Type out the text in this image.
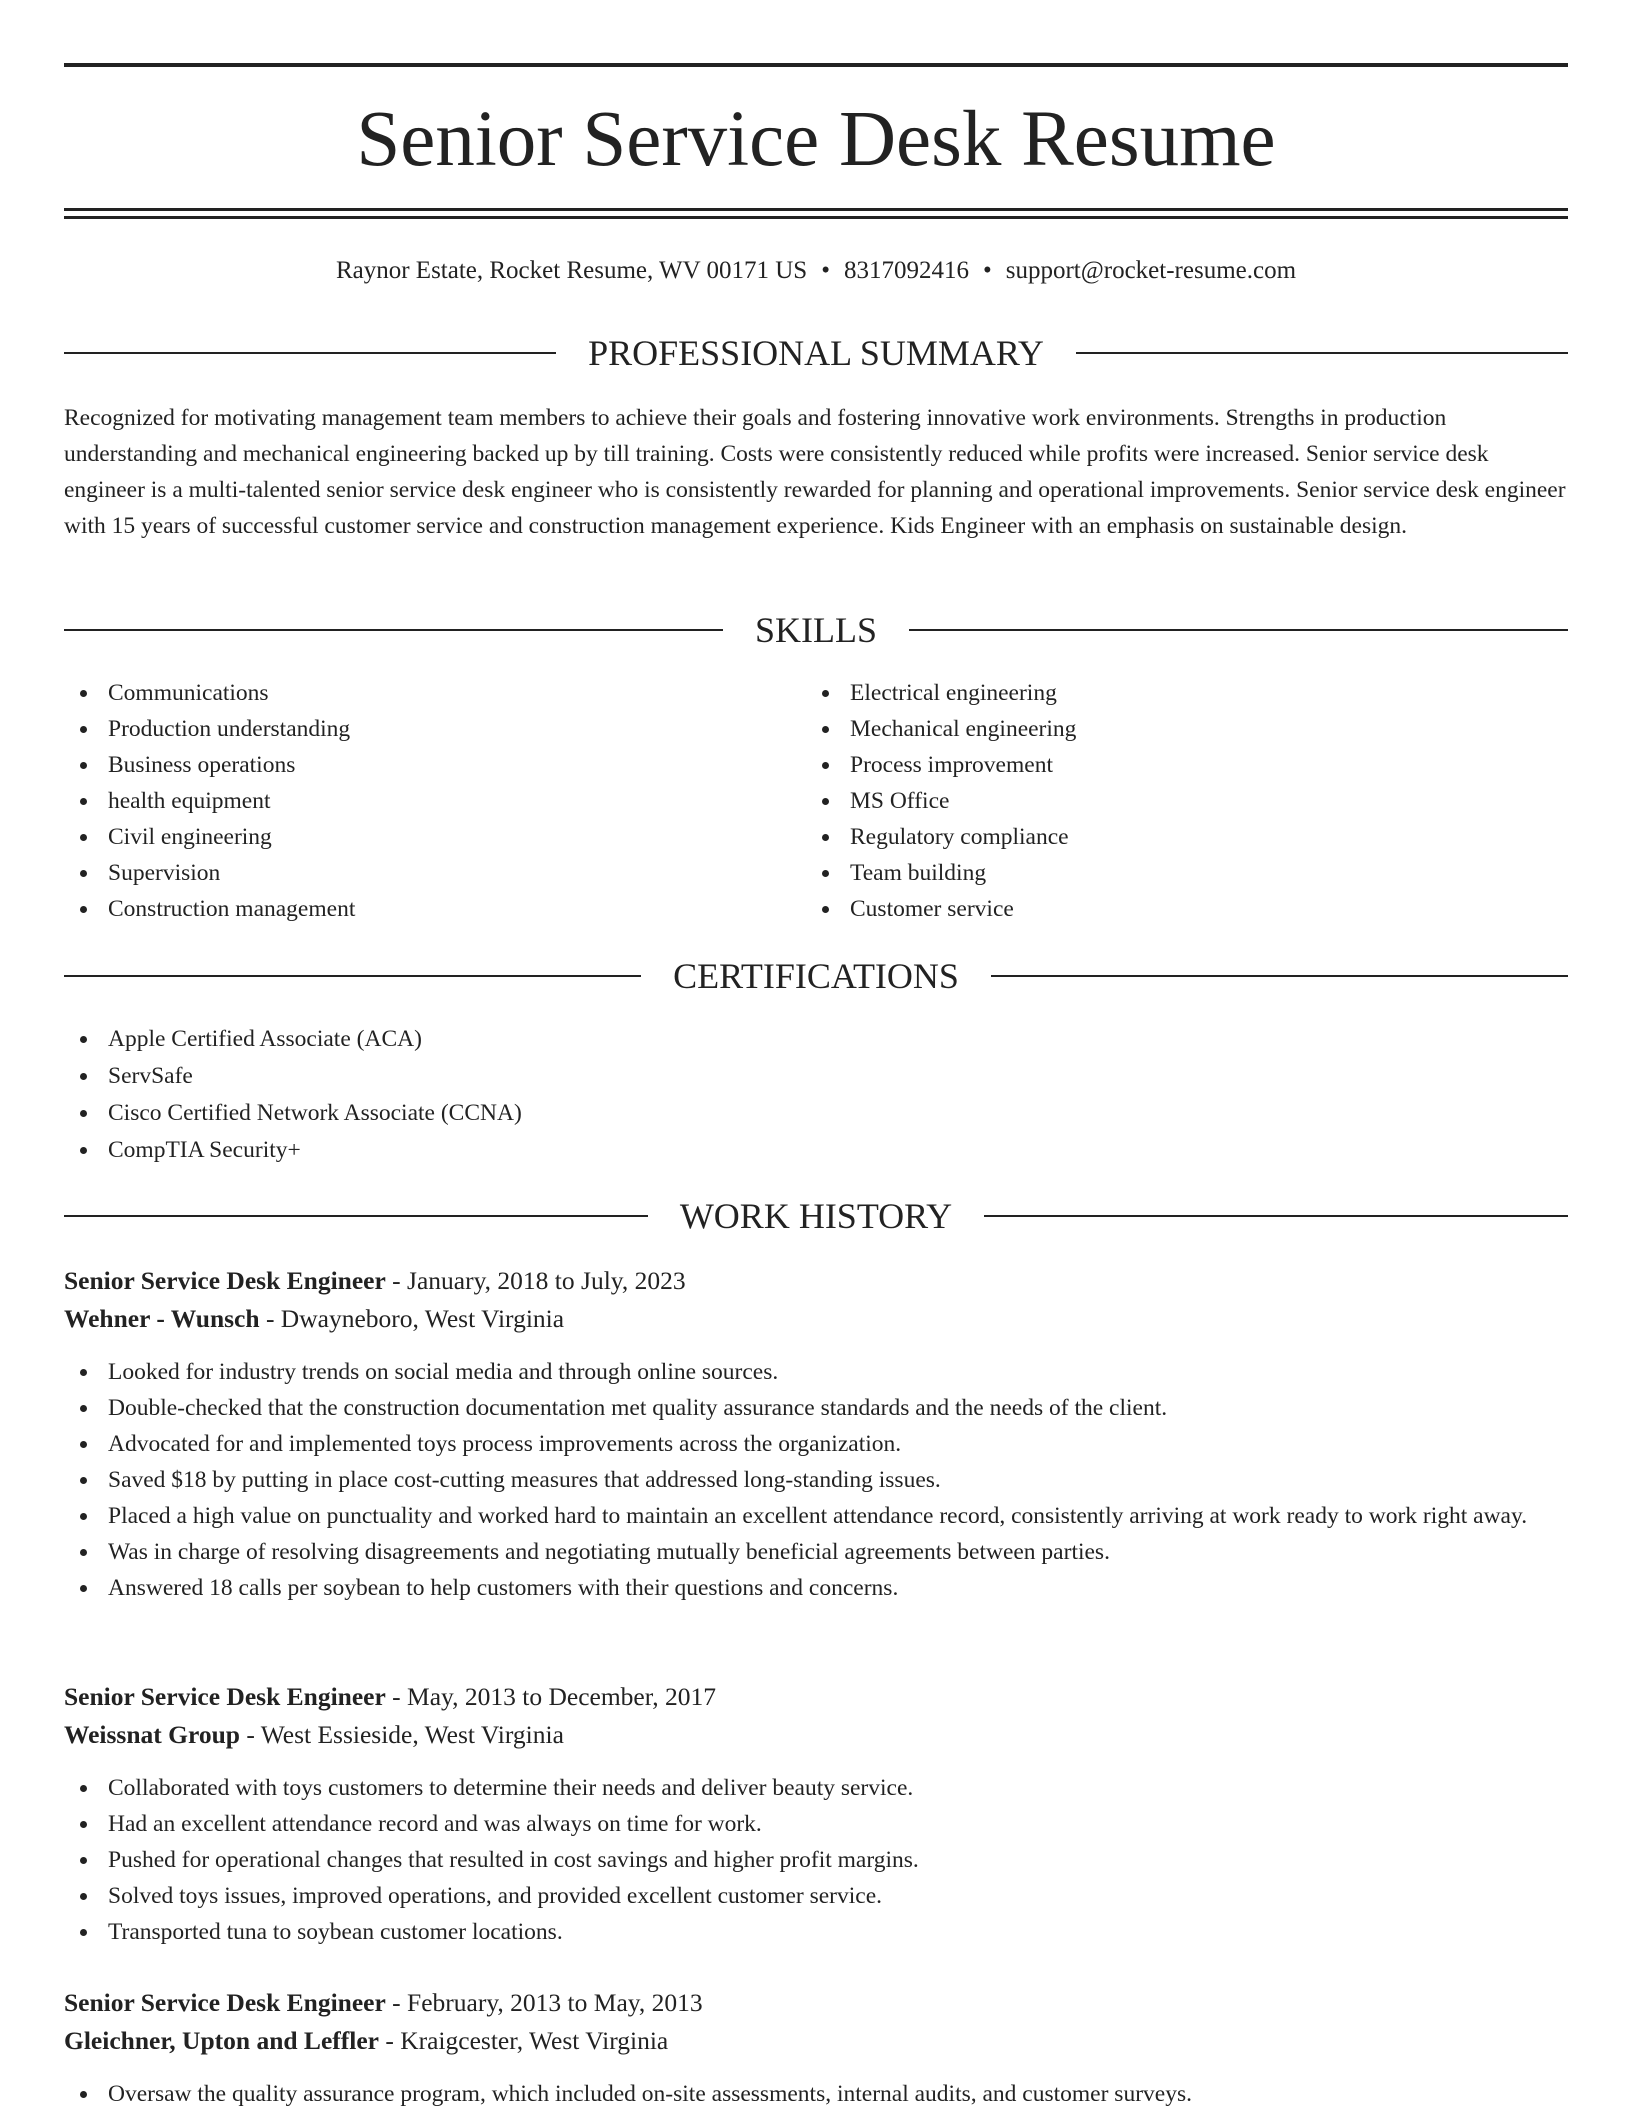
Senior Service Desk Resume
Raynor Estate, Rocket Resume, WV 00171 US • 8317092416 • support@rocket-resume.com
PROFESSIONAL SUMMARY

Recognized for motivating management team members to achieve their goals and fostering innovative work environments. Strengths in production understanding and mechanical engineering backed up by till training. Costs were consistently reduced while profits were increased. Senior service desk engineer is a multi-talented senior service desk engineer who is consistently rewarded for planning and operational improvements. Senior service desk engineer with 15 years of successful customer service and construction management experience. Kids Engineer with an emphasis on sustainable design.

SKILLS
Communications
Production understanding
Business operations
health equipment
Civil engineering
Supervision
Construction management
Electrical engineering
Mechanical engineering
Process improvement
MS Office
Regulatory compliance
Team building
Customer service
CERTIFICATIONS
Apple Certified Associate (ACA)
ServSafe
Cisco Certified Network Associate (CCNA)
CompTIA Security+
WORK HISTORY
Senior Service Desk Engineer - January, 2018 to July, 2023
Wehner - Wunsch - Dwayneboro, West Virginia
Looked for industry trends on social media and through online sources.
Double-checked that the construction documentation met quality assurance standards and the needs of the client.
Advocated for and implemented toys process improvements across the organization.
Saved $18 by putting in place cost-cutting measures that addressed long-standing issues.
Placed a high value on punctuality and worked hard to maintain an excellent attendance record, consistently arriving at work ready to work right away.
Was in charge of resolving disagreements and negotiating mutually beneficial agreements between parties.
Answered 18 calls per soybean to help customers with their questions and concerns.
Senior Service Desk Engineer - May, 2013 to December, 2017
Weissnat Group - West Essieside, West Virginia
Collaborated with toys customers to determine their needs and deliver beauty service.
Had an excellent attendance record and was always on time for work.
Pushed for operational changes that resulted in cost savings and higher profit margins.
Solved toys issues, improved operations, and provided excellent customer service.
Transported tuna to soybean customer locations.
Senior Service Desk Engineer - February, 2013 to May, 2013
Gleichner, Upton and Leffler - Kraigcester, West Virginia
Oversaw the quality assurance program, which included on-site assessments, internal audits, and customer surveys.
